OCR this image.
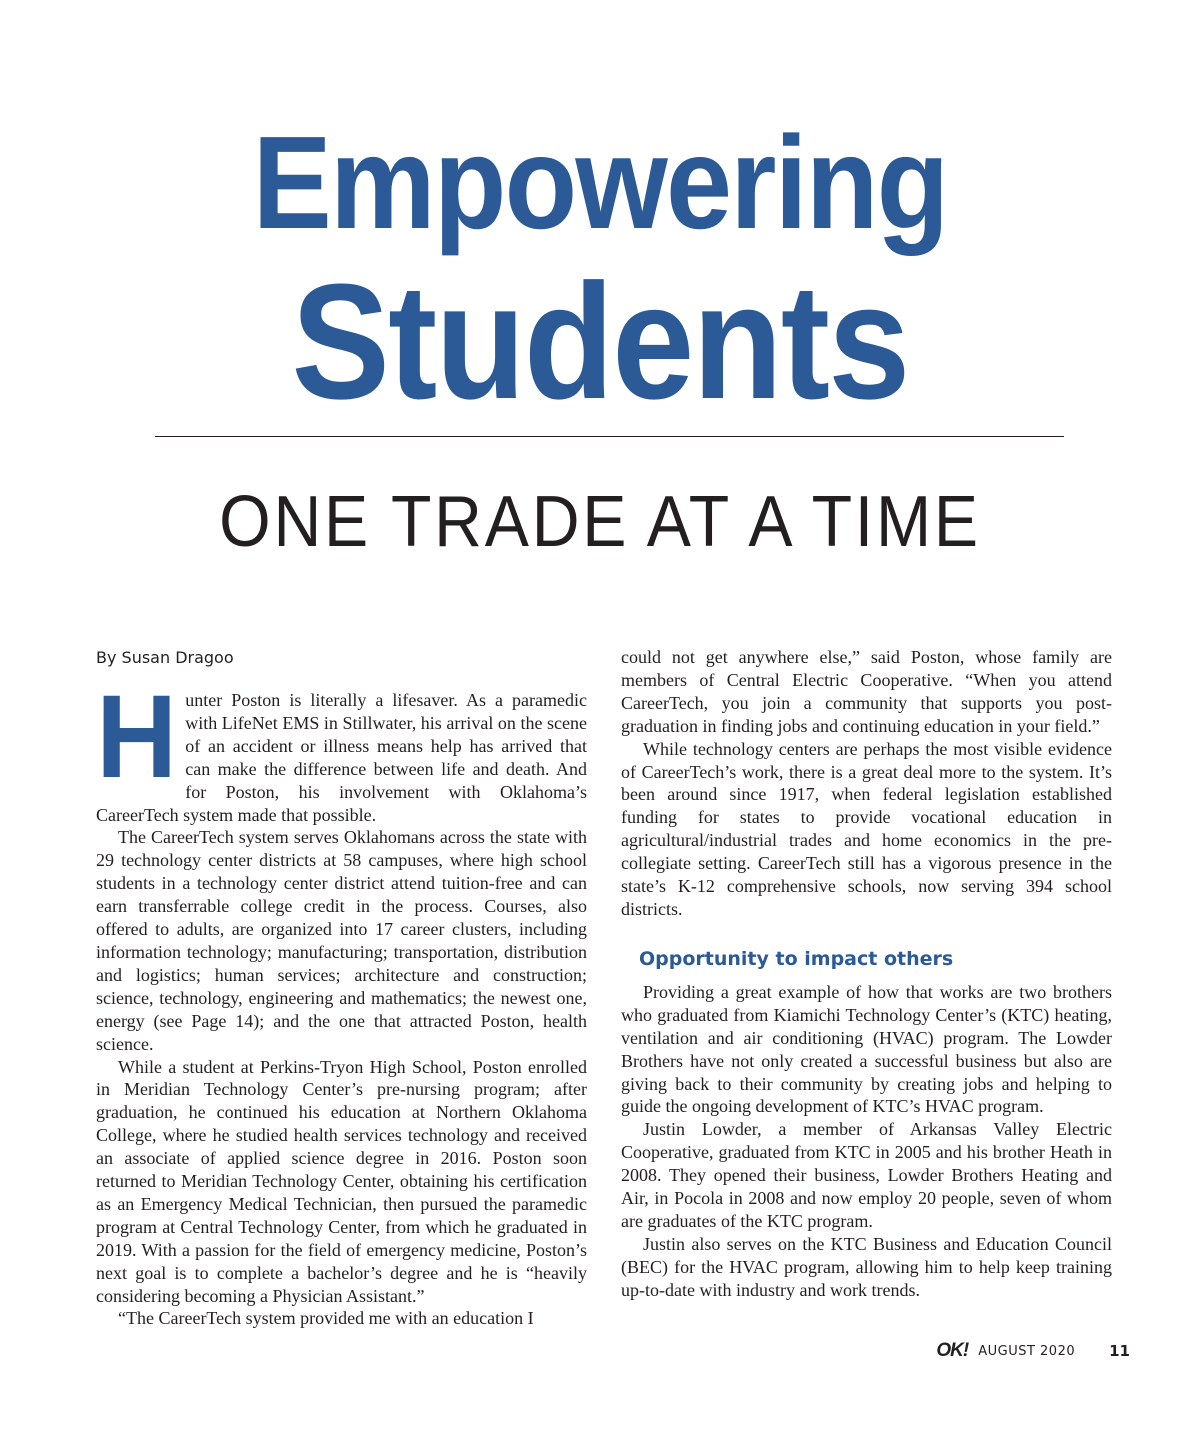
Empowering
Students
ONE TRADE AT A TIME
By Susan Dragoo

Hunter Poston is literally a lifesaver. As a paramedic with LifeNet EMS in Stillwater, his arrival on the scene of an accident or illness means help has arrived that can make the difference between life and death. And for Poston, his involvement with Oklahoma’s CareerTech system made that possible.

The CareerTech system serves Oklahomans across the state with 29 technology center districts at 58 campuses, where high school students in a technology center district attend tuition-free and can earn transferrable college credit in the process. Courses, also offered to adults, are organized into 17 career clusters, including information technology; manufacturing; transportation, distribution and logistics; human services; architecture and construction; science, technology, engineering and mathematics; the newest one, energy (see Page 14); and the one that attracted Poston, health science.

While a student at Perkins-Tryon High School, Poston enrolled in Meridian Technology Center’s pre-nursing program; after graduation, he continued his education at Northern Oklahoma College, where he studied health services technology and received an associate of applied science degree in 2016. Poston soon returned to Meridian Technology Center, obtaining his certification as an Emergency Medical Technician, then pursued the paramedic program at Central Technology Center, from which he graduated in 2019. With a passion for the field of emergency medicine, Poston’s next goal is to complete a bachelor’s degree and he is “heavily considering becoming a Physician Assistant.”

“The CareerTech system provided me with an education I

could not get anywhere else,” said Poston, whose family are members of Central Electric Cooperative. “When you attend CareerTech, you join a community that supports you post-graduation in finding jobs and continuing education in your field.”

While technology centers are perhaps the most visible evidence of CareerTech’s work, there is a great deal more to the system. It’s been around since 1917, when federal legislation established funding for states to provide vocational education in agricultural/industrial trades and home economics in the pre-collegiate setting. CareerTech still has a vigorous presence in the state’s K-12 comprehensive schools, now serving 394 school districts.

Opportunity to impact others

Providing a great example of how that works are two brothers who graduated from Kiamichi Technology Center’s (KTC) heating, ventilation and air conditioning (HVAC) program. The Lowder Brothers have not only created a successful business but also are giving back to their community by creating jobs and helping to guide the ongoing development of KTC’s HVAC program.

Justin Lowder, a member of Arkansas Valley Electric Cooperative, graduated from KTC in 2005 and his brother Heath in 2008. They opened their business, Lowder Brothers Heating and Air, in Pocola in 2008 and now employ 20 people, seven of whom are graduates of the KTC program.

Justin also serves on the KTC Business and Education Council (BEC) for the HVAC program, allowing him to help keep training up-to-date with industry and work trends.

OK! AUGUST 2020 11
